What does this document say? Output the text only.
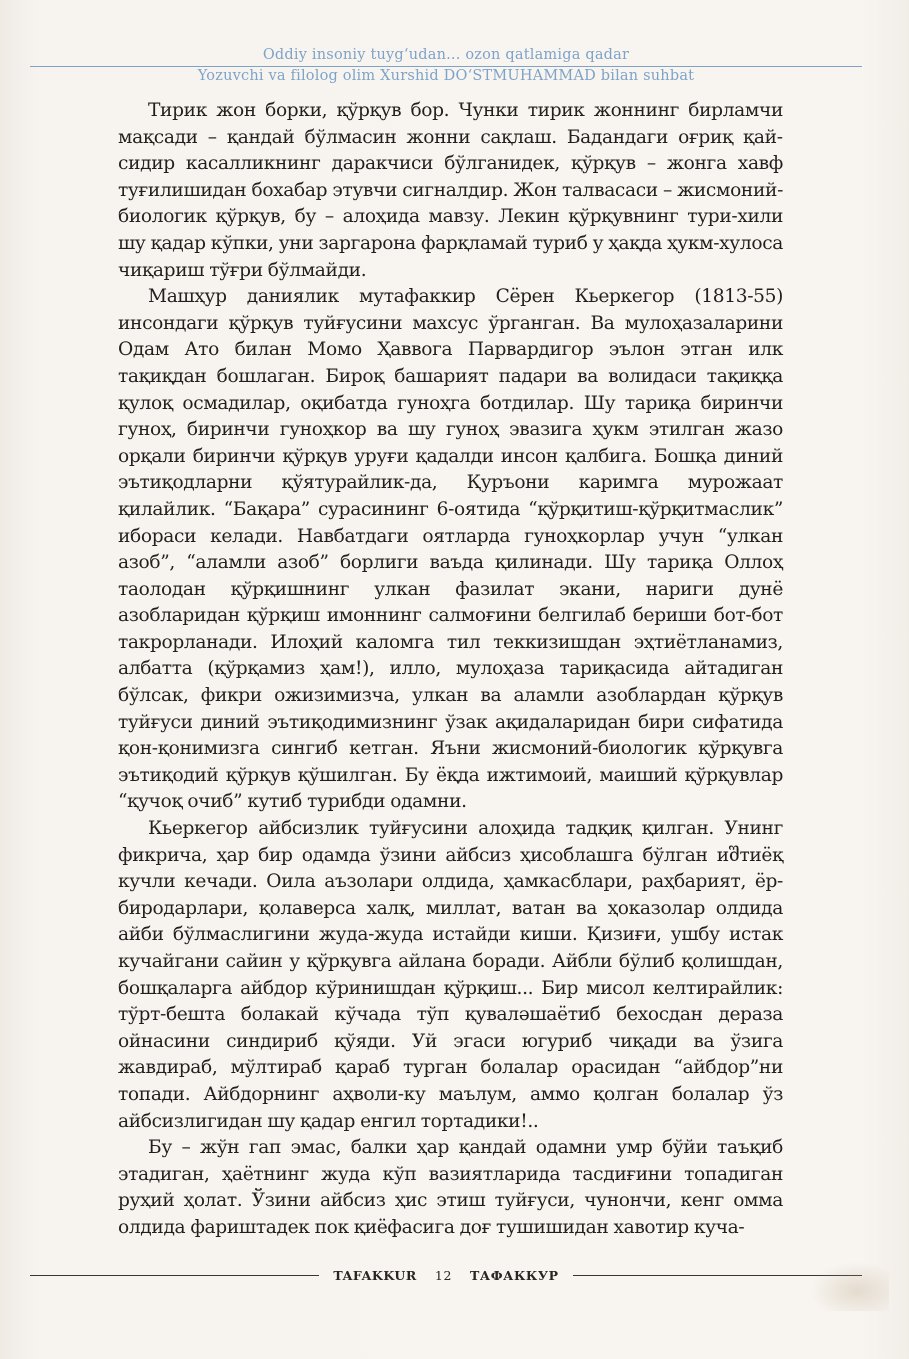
Oddiy insoniy tuyg‘udan... ozon qatlamiga qadar
Yozuvchi va filolog olim Xurshid DO‘STMUHAMMAD bilan suhbat

Тирик жон борки, қўрқув бор. Чунки тирик жоннинг бирламчи мақсади – қандай бўлмасин жонни сақлаш. Бадандаги оғриқ қайсидир касалликнинг даракчиси бўлганидек, қўрқув – жонга хавф туғилишидан бохабар этувчи сигналдир. Жон талвасаси – жисмоний-биологик қўрқув, бу – алоҳида мавзу. Лекин қўрқувнинг тури-хили шу қадар кўпки, уни заргарона фарқламай туриб у ҳақда ҳукм-хулоса чиқариш тўғри бўлмайди.

Машҳур даниялик мутафаккир Сёрен Кьеркегор (1813-55) инсондаги қўрқув туйғусини махсус ўрганган. Ва мулоҳазаларини Одам Ато билан Момо Ҳаввога Парвардигор эълон этган илк тақиқдан бошлаган. Бироқ башарият падари ва волидаси тақиққа қулоқ осмадилар, оқибатда гуноҳга ботдилар. Шу тариқа биринчи гуноҳ, биринчи гуноҳкор ва шу гуноҳ эвазига ҳукм этилган жазо орқали биринчи қўрқув уруғи қадалди инсон қалбига. Бошқа диний эътиқодларни қўятурайлик-да, Қуръони каримга мурожаат қилайлик. “Бақара” сурасининг 6-оятида “қўрқитиш-қўрқитмаслик” ибораси келади. Навбатдаги оятларда гуноҳкорлар учун “улкан азоб”, “аламли азоб” борлиги ваъда қилинади. Шу тариқа Оллоҳ таолодан қўрқишнинг улкан фазилат экани, нариги дунё азобларидан қўрқиш имоннинг салмоғини белгилаб бериши бот-бот такрорланади. Илоҳий каломга тил теккизишдан эҳтиётланамиз, албатта (қўрқамиз ҳам!), илло, мулоҳаза тариқасида айтадиган бўлсак, фикри ожизимизча, улкан ва аламли азоблардан қўрқув туйғуси диний эътиқодимизнинг ўзак ақидаларидан бири сифатида қон-қонимизга сингиб кетган. Яъни жисмоний-биологик қўрқувга эътиқодий қўрқув қўшилган. Бу ёқда ижтимоий, маиший қўрқувлар “қучоқ очиб” кутиб турибди одамни.

Кьеркегор айбсизлик туйғусини алоҳида тадқиқ қилган. Унинг фикрича, ҳар бир одамда ўзини айбсиз ҳисоблашга бўлган иშтиёқ кучли кечади. Оила аъзолари олдида, ҳамкасблари, раҳбарият, ёр-биродарлари, қолаверса халқ, миллат, ватан ва ҳоказолар олдида айби бўлмаслигини жуда-жуда истайди киши. Қизиғи, ушбу истак кучайгани сайин у қўрқувга айлана боради. Айбли бўлиб қолишдан, бошқаларга айбдор кўринишдан қўрқиш... Бир мисол келтирайлик: тўрт-бешта болакай кўчада тўп қуваләшаётиб бехосдан дераза ойнасини синдириб қўяди. Уй эгаси югуриб чиқади ва ўзига жавдираб, мўлтираб қараб турган болалар орасидан “айбдор”ни топади. Айбдорнинг аҳволи-ку маълум, аммо қолган болалар ўз айбсизлигидан шу қадар енгил тортадики!..

Бу – жўн гап эмас, балки ҳар қандай одамни умр бўйи таъқиб этадиган, ҳаётнинг жуда кўп вазиятларида тасдиғини топадиган руҳий ҳолат. Ўзини айбсиз ҳис этиш туйғуси, чунончи, кенг омма олдида фариштадек пок қиёфасига доғ тушишидан хавотир куча-

TAFAKKUR 12 ТАФАККУР
